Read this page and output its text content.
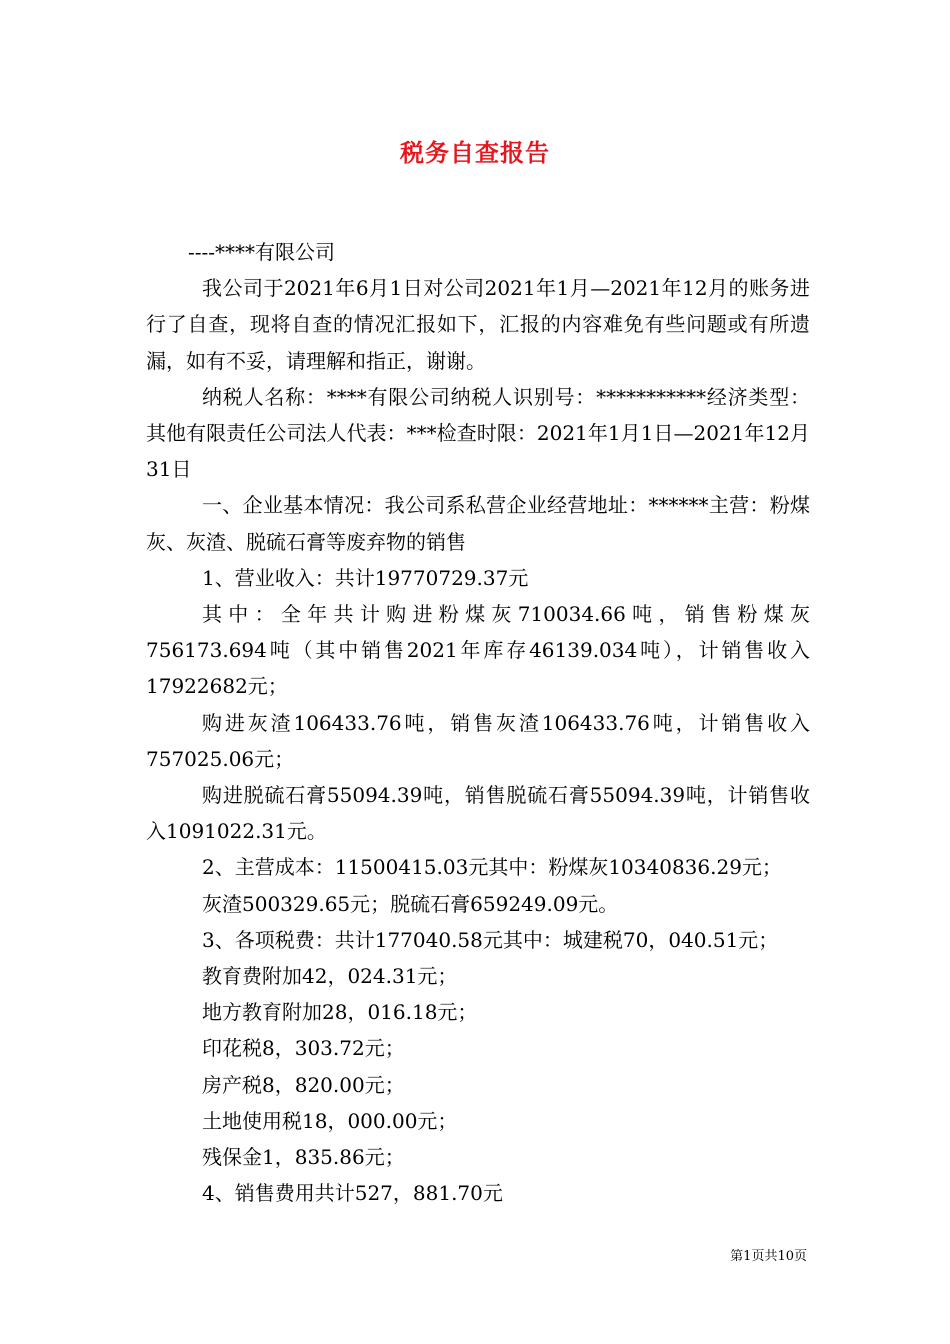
税务自查报告

----****有限公司

我公司于2021年6月1日对公司2021年1月—2021年12月的账务进行了自查，现将自查的情况汇报如下，汇报的内容难免有些问题或有所遗漏，如有不妥，请理解和指正，谢谢。

纳税人名称：****有限公司纳税人识别号：***********经济类型：其他有限责任公司法人代表：***检查时限：2021年1月1日—2021年12月31日

一、企业基本情况：我公司系私营企业经营地址：******主营：粉煤灰、灰渣、脱硫石膏等废弃物的销售

1、营业收入：共计19770729.37元

其中：全年共计购进粉煤灰710034.66吨，销售粉煤灰756173.694吨（其中销售2021年库存46139.034吨），计销售收入17922682元；

购进灰渣106433.76吨，销售灰渣106433.76吨，计销售收入757025.06元；

购进脱硫石膏55094.39吨，销售脱硫石膏55094.39吨，计销售收入1091022.31元。

2、主营成本：11500415.03元其中：粉煤灰10340836.29元；

灰渣500329.65元；脱硫石膏659249.09元。

3、各项税费：共计177040.58元其中：城建税70，040.51元；

教育费附加42，024.31元；

地方教育附加28，016.18元；

印花税8，303.72元；

房产税8，820.00元；

土地使用税18，000.00元；

残保金1，835.86元；

4、销售费用共计527，881.70元

第1页共10页
